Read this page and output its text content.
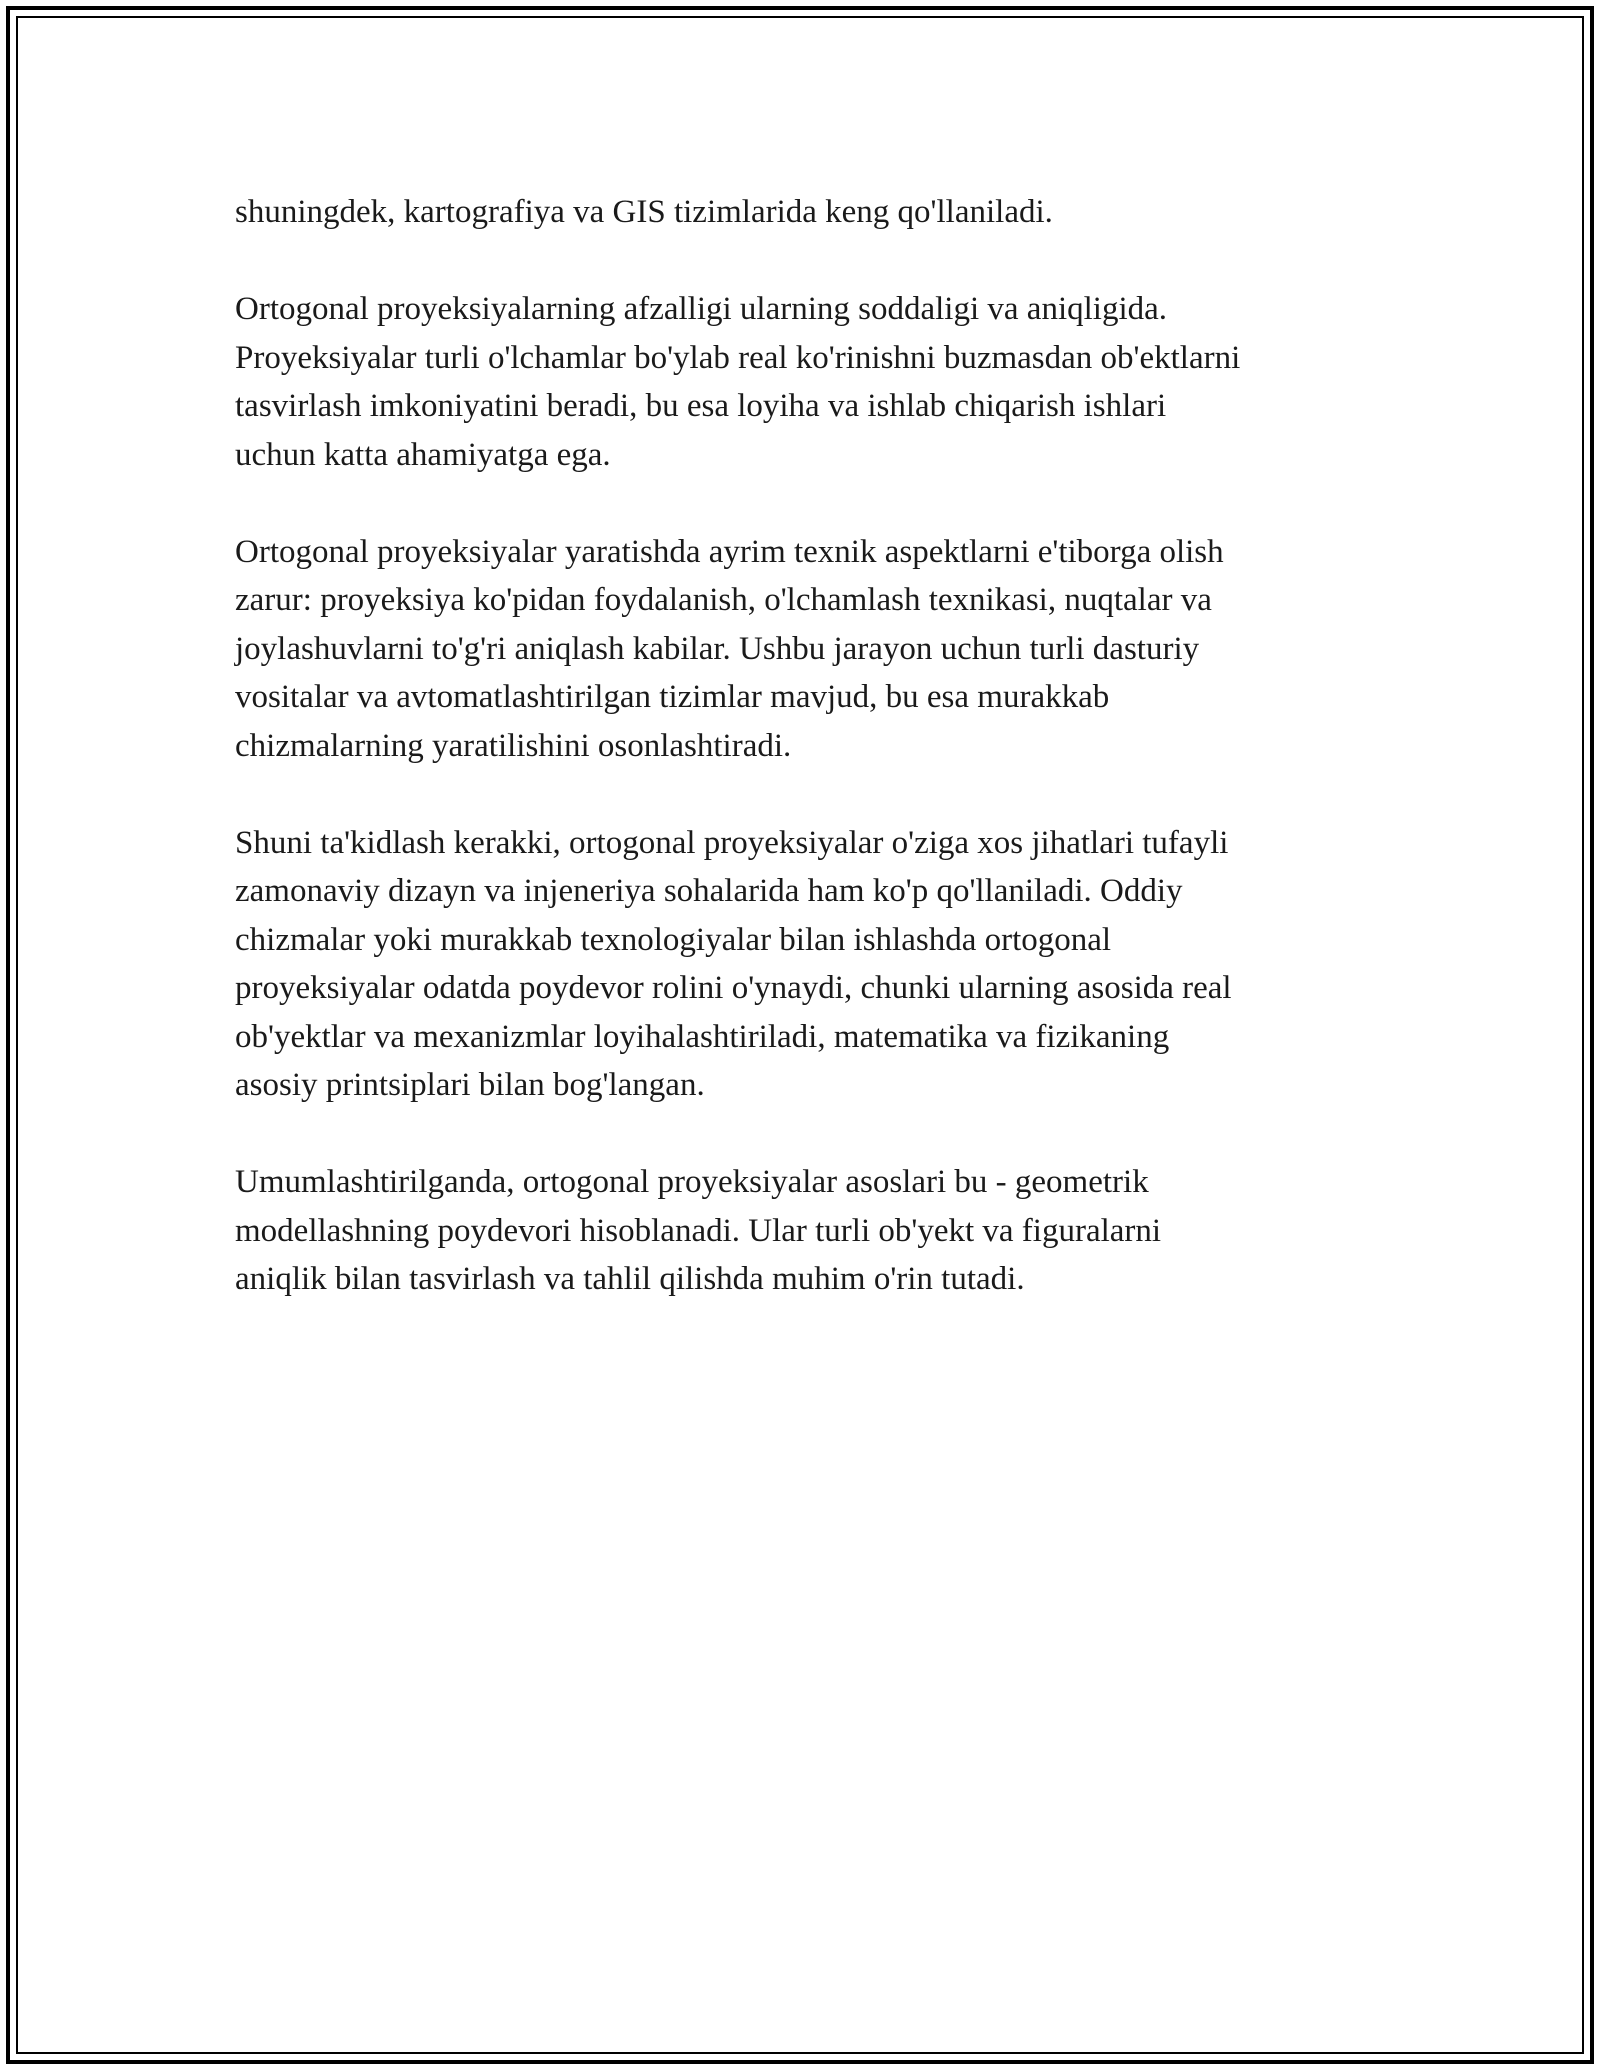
shuningdek, kartografiya va GIS tizimlarida keng qo'llaniladi.

Ortogonal proyeksiyalarning afzalligi ularning soddaligi va aniqligida.
Proyeksiyalar turli o'lchamlar bo'ylab real ko'rinishni buzmasdan ob'ektlarni
tasvirlash imkoniyatini beradi, bu esa loyiha va ishlab chiqarish ishlari
uchun katta ahamiyatga ega.

Ortogonal proyeksiyalar yaratishda ayrim texnik aspektlarni e'tiborga olish
zarur: proyeksiya ko'pidan foydalanish, o'lchamlash texnikasi, nuqtalar va
joylashuvlarni to'g'ri aniqlash kabilar. Ushbu jarayon uchun turli dasturiy
vositalar va avtomatlashtirilgan tizimlar mavjud, bu esa murakkab
chizmalarning yaratilishini osonlashtiradi.

Shuni ta'kidlash kerakki, ortogonal proyeksiyalar o'ziga xos jihatlari tufayli
zamonaviy dizayn va injeneriya sohalarida ham ko'p qo'llaniladi. Oddiy
chizmalar yoki murakkab texnologiyalar bilan ishlashda ortogonal
proyeksiyalar odatda poydevor rolini o'ynaydi, chunki ularning asosida real
ob'yektlar va mexanizmlar loyihalashtiriladi, matematika va fizikaning
asosiy printsiplari bilan bog'langan.

Umumlashtirilganda, ortogonal proyeksiyalar asoslari bu - geometrik
modellashning poydevori hisoblanadi. Ular turli ob'yekt va figuralarni
aniqlik bilan tasvirlash va tahlil qilishda muhim o'rin tutadi.
